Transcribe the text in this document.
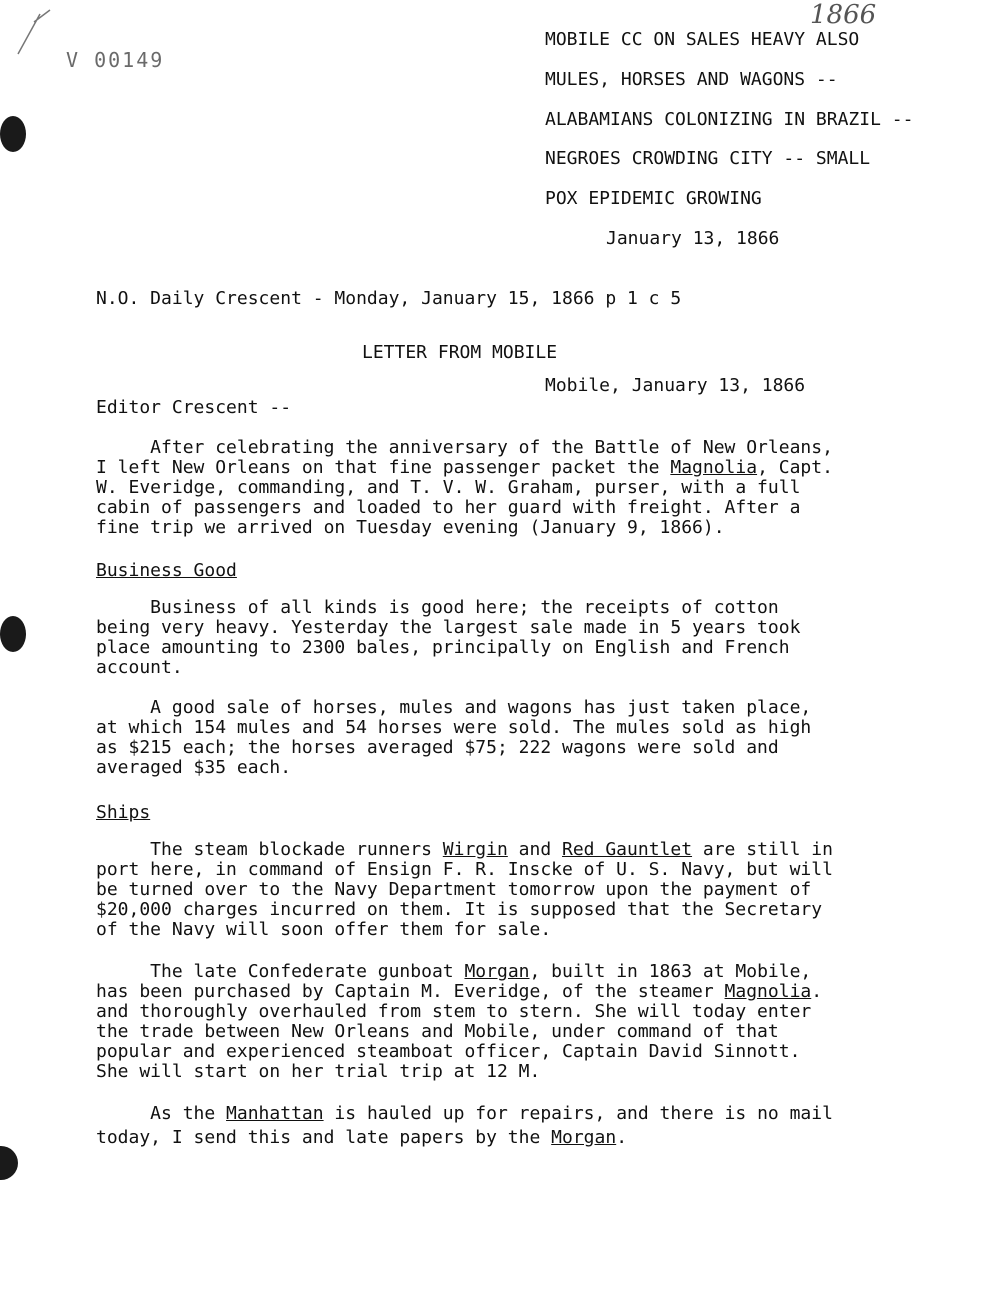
1866
V 00149
MOBILE CC ON SALES HEAVY ALSO
MULES, HORSES AND WAGONS --
ALABAMIANS COLONIZING IN BRAZIL --
NEGROES CROWDING CITY -- SMALL
POX EPIDEMIC GROWING
January 13, 1866
N.O. Daily Crescent - Monday, January 15, 1866 p 1 c 5
LETTER FROM MOBILE
Mobile, January 13, 1866
Editor Crescent --
After celebrating the anniversary of the Battle of New Orleans,
I left New Orleans on that fine passenger packet the Magnolia, Capt.
W. Everidge, commanding, and T. V. W. Graham, purser, with a full
cabin of passengers and loaded to her guard with freight. After a
fine trip we arrived on Tuesday evening (January 9, 1866).
Business Good
Business of all kinds is good here; the receipts of cotton
being very heavy. Yesterday the largest sale made in 5 years took
place amounting to 2300 bales, principally on English and French
account.
A good sale of horses, mules and wagons has just taken place,
at which 154 mules and 54 horses were sold. The mules sold as high
as $215 each; the horses averaged $75; 222 wagons were sold and
averaged $35 each.
Ships
The steam blockade runners Wirgin and Red Gauntlet are still in
port here, in command of Ensign F. R. Inscke of U. S. Navy, but will
be turned over to the Navy Department tomorrow upon the payment of
$20,000 charges incurred on them. It is supposed that the Secretary
of the Navy will soon offer them for sale.
The late Confederate gunboat Morgan, built in 1863 at Mobile,
has been purchased by Captain M. Everidge, of the steamer Magnolia.
and thoroughly overhauled from stem to stern. She will today enter
the trade between New Orleans and Mobile, under command of that
popular and experienced steamboat officer, Captain David Sinnott.
She will start on her trial trip at 12 M.
As the Manhattan is hauled up for repairs, and there is no mail
today, I send this and late papers by the Morgan.
